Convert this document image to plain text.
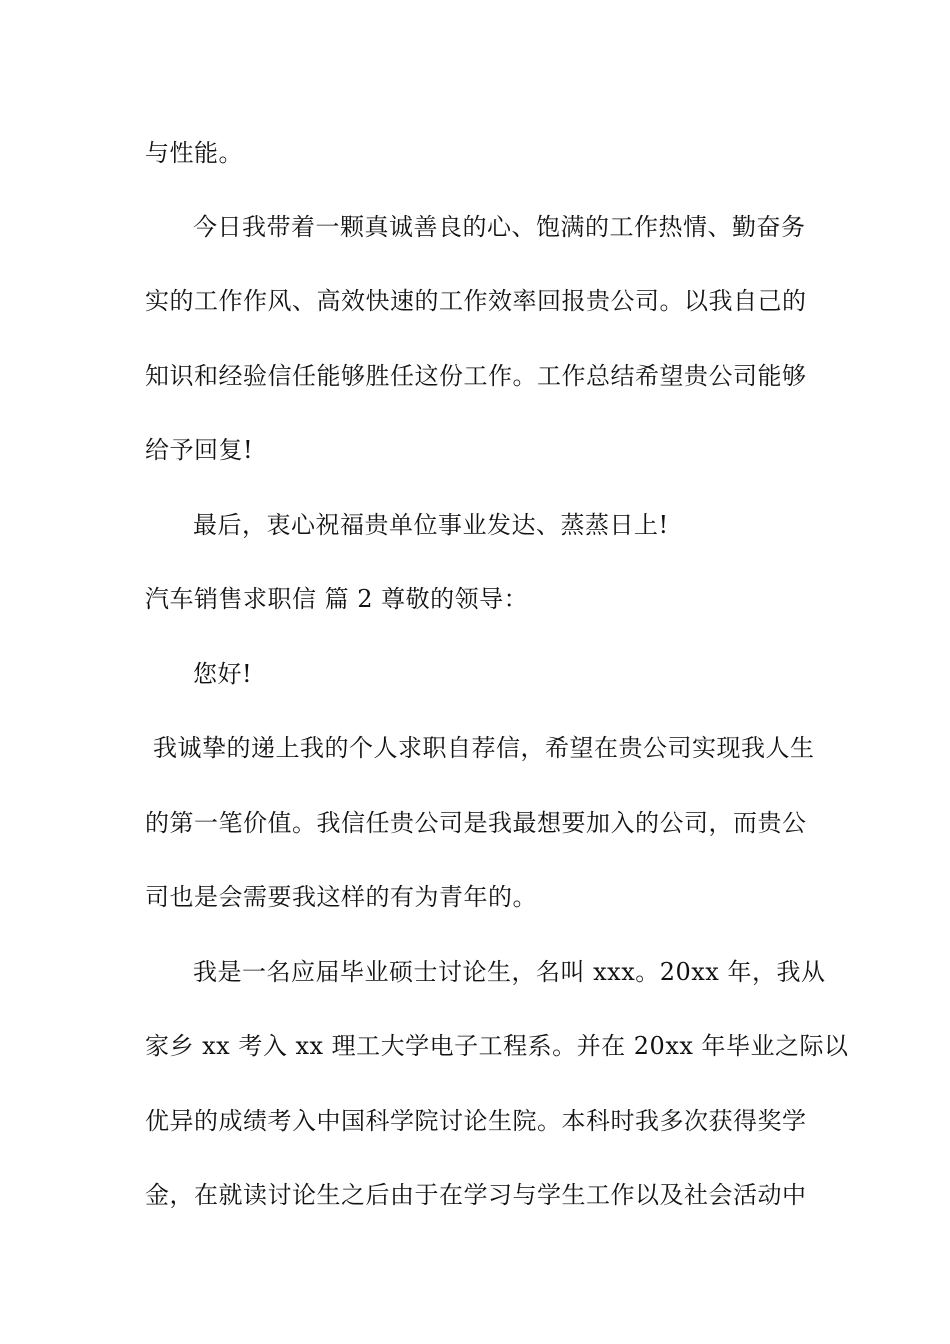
与性能。
今日我带着一颗真诚善良的心、饱满的工作热情、勤奋务
实的工作作风、高效快速的工作效率回报贵公司。以我自己的
知识和经验信任能够胜任这份工作。工作总结希望贵公司能够
给予回复!
最后，衷心祝福贵单位事业发达、蒸蒸日上!
汽车销售求职信 篇 2 尊敬的领导：
您好!
我诚挚的递上我的个人求职自荐信，希望在贵公司实现我人生
的第一笔价值。我信任贵公司是我最想要加入的公司，而贵公
司也是会需要我这样的有为青年的。
我是一名应届毕业硕士讨论生，名叫 xxx。20xx 年，我从
家乡 xx 考入 xx 理工大学电子工程系。并在 20xx 年毕业之际以
优异的成绩考入中国科学院讨论生院。本科时我多次获得奖学
金，在就读讨论生之后由于在学习与学生工作以及社会活动中
